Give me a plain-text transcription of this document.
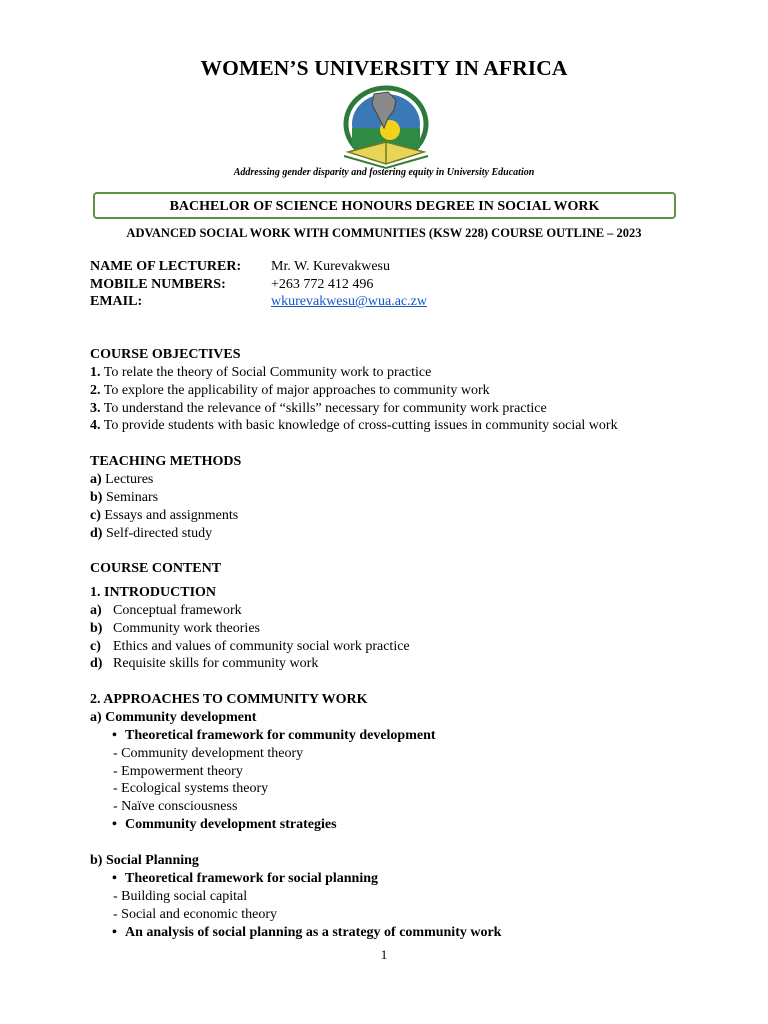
WOMEN’S UNIVERSITY IN AFRICA
Addressing gender disparity and fostering equity in University Education
BACHELOR OF SCIENCE HONOURS DEGREE IN SOCIAL WORK
ADVANCED SOCIAL WORK WITH COMMUNITIES (KSW 228) COURSE OUTLINE – 2023
NAME OF LECTURER:	Mr. W. Kurevakwesu
MOBILE NUMBERS:	+263 772 412 496
EMAIL:	wkurevakwesu@wua.ac.zw
COURSE OBJECTIVES
1. To relate the theory of Social Community work to practice
2. To explore the applicability of major approaches to community work
3. To understand the relevance of “skills” necessary for community work practice
4. To provide students with basic knowledge of cross-cutting issues in community social work
TEACHING METHODS
a) Lectures
b) Seminars
c) Essays and assignments
d) Self-directed study
COURSE CONTENT
1. INTRODUCTION
a) Conceptual framework
b) Community work theories
c) Ethics and values of community social work practice
d) Requisite skills for community work
2. APPROACHES TO COMMUNITY WORK
a) Community development
• Theoretical framework for community development
- Community development theory
- Empowerment theory
- Ecological systems theory
- Naïve consciousness
• Community development strategies
b) Social Planning
• Theoretical framework for social planning
- Building social capital
- Social and economic theory
• An analysis of social planning as a strategy of community work
1
